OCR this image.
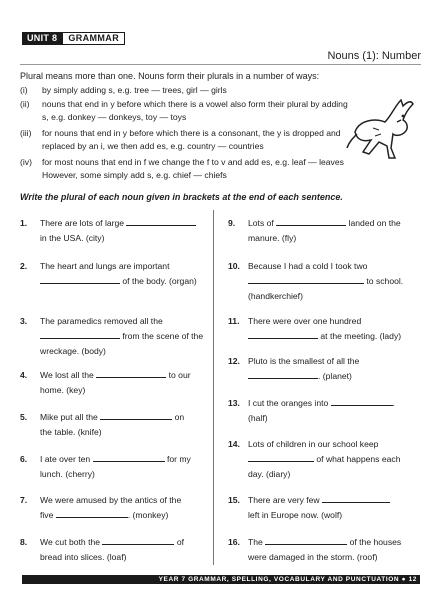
UNIT 8	GRAMMAR
Nouns (1): Number
Plural means more than one. Nouns form their plurals in a number of ways:
(i)	by simply adding s, e.g. tree — trees, girl — girls
(ii)	nouns that end in y before which there is a vowel also form their plural by adding s, e.g. donkey — donkeys, toy — toys
(iii)	for nouns that end in y before which there is a consonant, the y is dropped and replaced by an i, we then add es, e.g. country — countries
(iv)	for most nouns that end in f we change the f to v and add es, e.g. leaf — leaves However, some simply add s, e.g. chief — chiefs
Write the plural of each noun given in brackets at the end of each sentence.
1. There are lots of large
in the USA. (city)
2. The heart and lungs are important
of the body. (organ)
3. The paramedics removed all the
from the scene of the
wreckage. (body)
4. We lost all the	to our
home. (key)
5. Mike put all the	on
the table. (knife)
6. I ate over ten	for my
lunch. (cherry)
7. We were amused by the antics of the
five	. (monkey)
8. We cut both the	of
bread into slices. (loaf)
9. Lots of	landed on the
manure. (fly)
10. Because I had a cold I took two
to school.
(handkerchief)
11. There were over one hundred
at the meeting. (lady)
12. Pluto is the smallest of all the
. (planet)
13. I cut the oranges into	.
(half)
14. Lots of children in our school keep
of what happens each
day. (diary)
15. There are very few
left in Europe now. (wolf)
16. The	of the houses
were damaged in the storm. (roof)
YEAR 7 GRAMMAR, SPELLING, VOCABULARY AND PUNCTUATION ● 12
